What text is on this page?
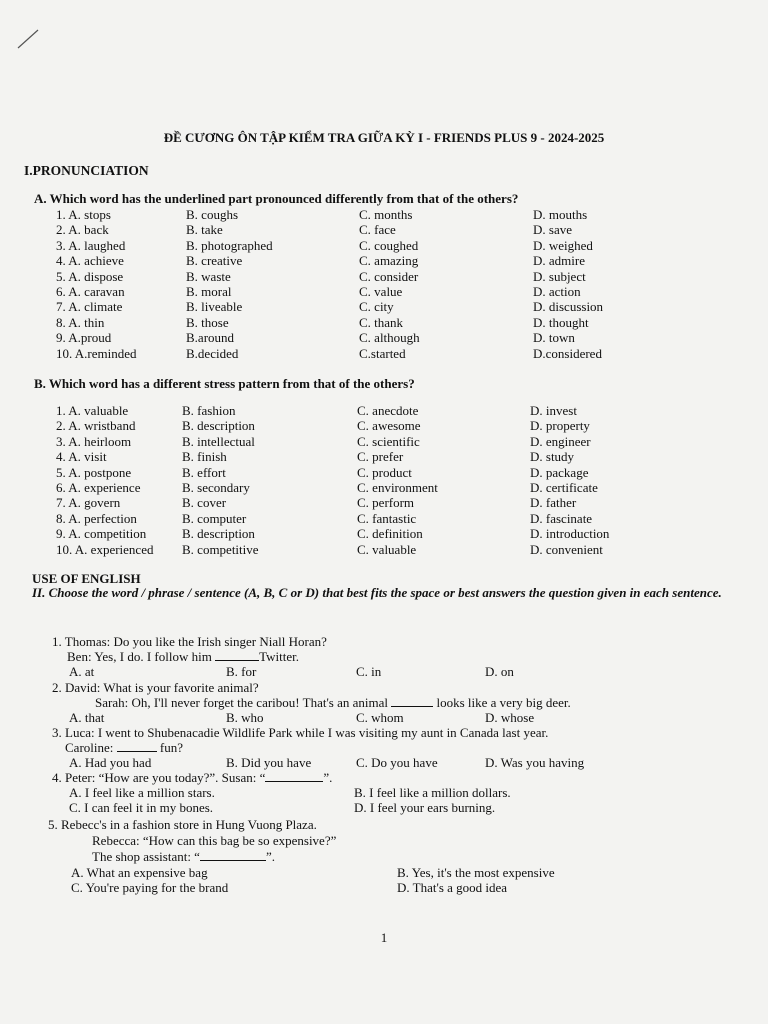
ĐỀ CƯƠNG ÔN TẬP KIỂM TRA GIỮA KỲ I - FRIENDS PLUS 9 - 2024-2025
I.PRONUNCIATION
A. Which word has the underlined part pronounced differently from that of the others?
1. A. stops	B. coughs	C. months	D. mouths
2. A. back	B. take	C. face	D. save
3. A. laughed	B. photographed	C. coughed	D. weighed
4. A. achieve	B. creative	C. amazing	D. admire
5. A. dispose	B. waste	C. consider	D. subject
6. A. caravan	B. moral	C. value	D. action
7. A. climate	B. liveable	C. city	D. discussion
8. A. thin	B. those	C. thank	D. thought
9. A.proud	B.around	C. although	D. town
10. A.reminded	B.decided	C.started	D.considered
B. Which word has a different stress pattern from that of the others?
1. A. valuable	B. fashion	C. anecdote	D. invest
2. A. wristband	B. description	C. awesome	D. property
3. A. heirloom	B. intellectual	C. scientific	D. engineer
4. A. visit	B. finish	C. prefer	D. study
5. A. postpone	B. effort	C. product	D. package
6. A. experience	B. secondary	C. environment	D. certificate
7. A. govern	B. cover	C. perform	D. father
8. A. perfection	B. computer	C. fantastic	D. fascinate
9. A. competition	B. description	C. definition	D. introduction
10. A. experienced B. competitive	C. valuable	D. convenient
USE OF ENGLISH
II. Choose the word / phrase / sentence (A, B, C or D) that best fits the space or best answers the question given in each sentence.
1. Thomas: Do you like the Irish singer Niall Horan?
Ben: Yes, I do. I follow him	Twitter.
A. at	B. for	C. in	D. on
2. David: What is your favorite animal?
Sarah: Oh, I'll never forget the caribou! That's an animal	looks like a very big deer.
A. that	B. who	C. whom	D. whose
3. Luca: I went to Shubenacadie Wildlife Park while I was visiting my aunt in Canada last year.
Caroline:	fun?
A. Had you had	B. Did you have	C. Do you have	D. Was you having
4. Peter: “How are you today?”. Susan: “	”.
A. I feel like a million stars.	B. I feel like a million dollars.
C. I can feel it in my bones.	D. I feel your ears burning.
5. Rebecc's in a fashion store in Hung Vuong Plaza.
Rebecca: “How can this bag be so expensive?”
The shop assistant: “	”.
A. What an expensive bag	B. Yes, it's the most expensive
C. You're paying for the brand	D. That's a good idea
1
